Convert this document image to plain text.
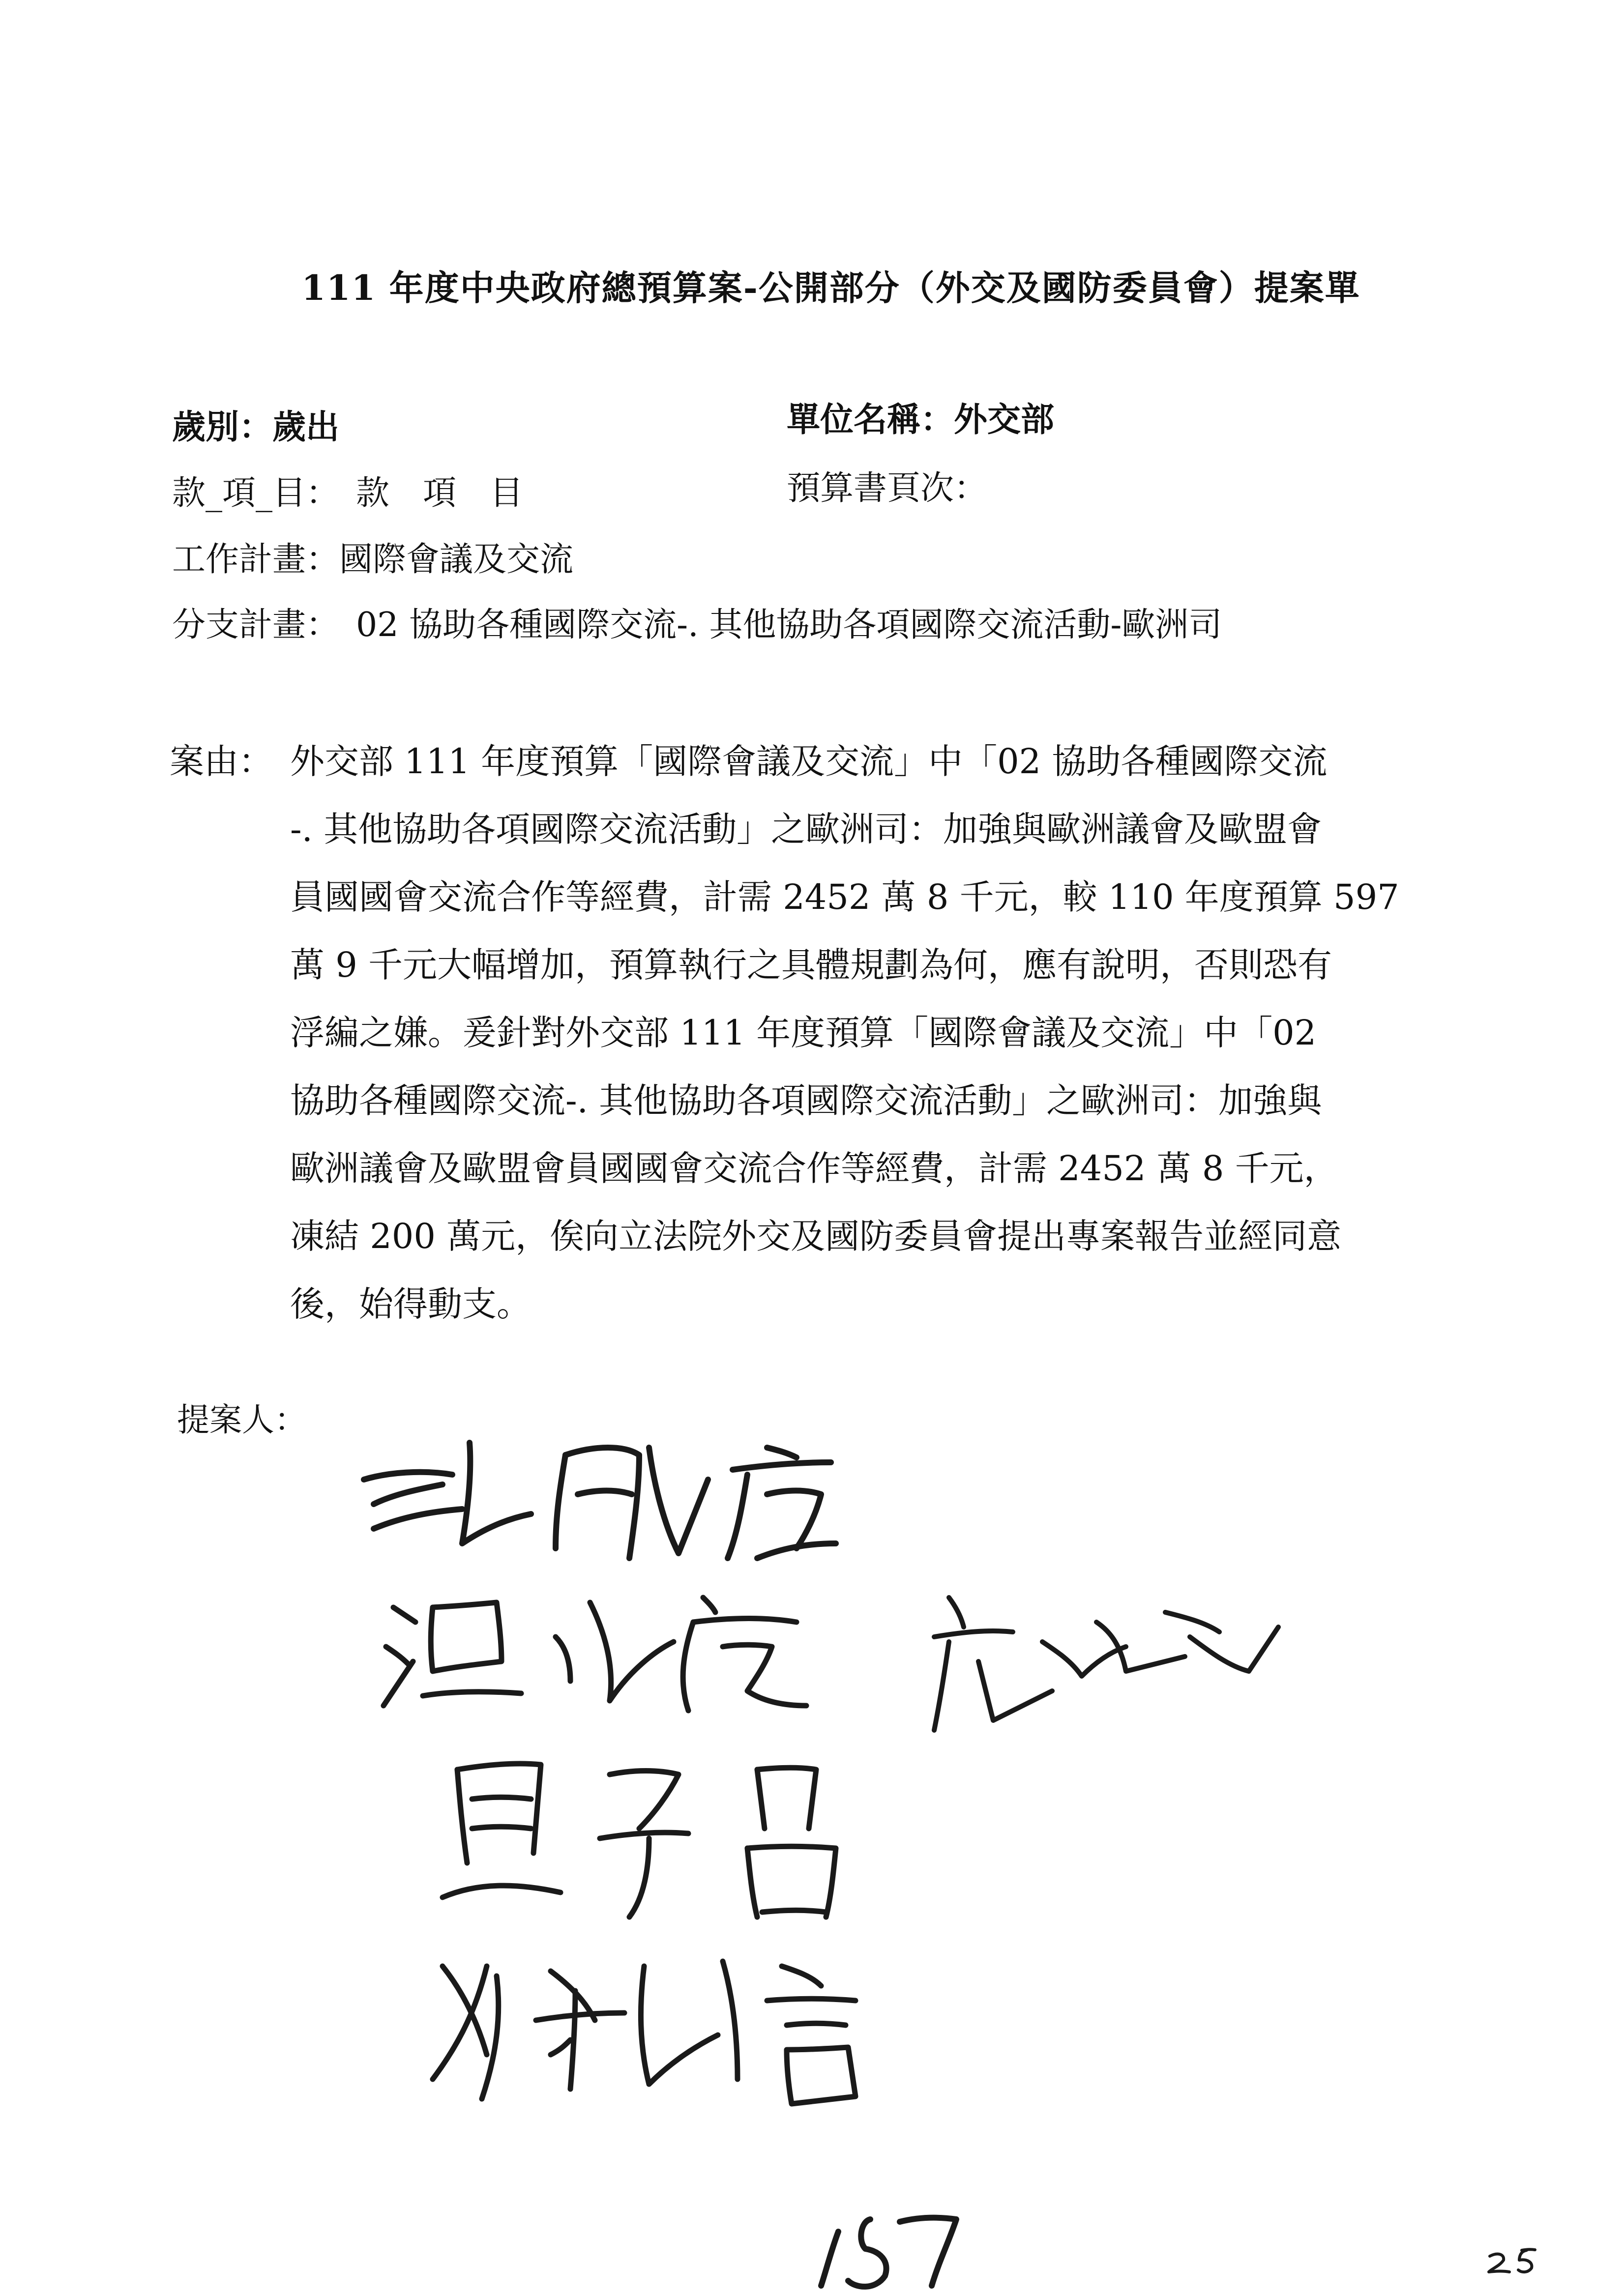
111 年度中央政府總預算案-公開部分（外交及國防委員會）提案單
歲別：歲出	單位名稱：外交部
款_項_目：　款　項　目	預算書頁次：
工作計畫：國際會議及交流
分支計畫：　02 協助各種國際交流-. 其他協助各項國際交流活動-歐洲司
案由： 外交部 111 年度預算「國際會議及交流」中「02 協助各種國際交流
-. 其他協助各項國際交流活動」之歐洲司：加強與歐洲議會及歐盟會
員國國會交流合作等經費，計需 2452 萬 8 千元，較 110 年度預算 597
萬 9 千元大幅增加，預算執行之具體規劃為何，應有說明，否則恐有
浮編之嫌。爰針對外交部 111 年度預算「國際會議及交流」中「02
協助各種國際交流-. 其他協助各項國際交流活動」之歐洲司：加強與
歐洲議會及歐盟會員國國會交流合作等經費，計需 2452 萬 8 千元，
凍結 200 萬元，俟向立法院外交及國防委員會提出專案報告並經同意
後，始得動支。
提案人：
